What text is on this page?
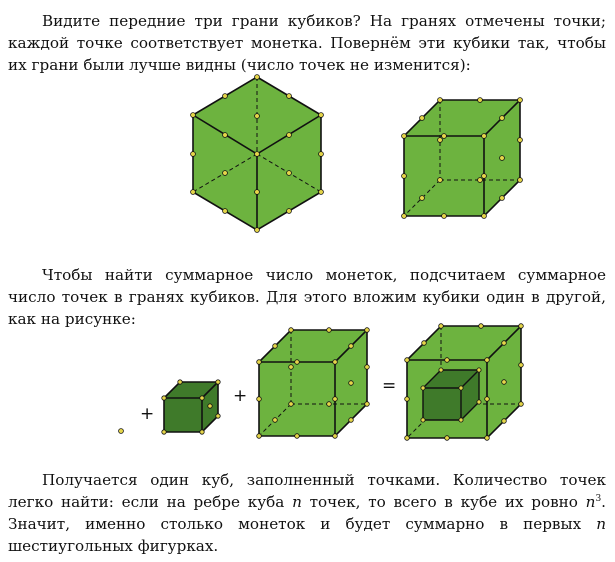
Видите передние три грани кубиков? На гранях отмечены точки; каждой точке соответствует монетка. Повернём эти кубики так, чтобы их грани были лучше видны (число точек не изменится):

Чтобы найти суммарное число монеток, подсчитаем суммарное число точек в гранях кубиков. Для этого вложим кубики один в другой, как на рисунке:

+
+	=

Получается один куб, заполненный точками. Количество точек легко найти: если на ребре куба n точек, то всего в кубе их ровно $n^3$. Значит, именно столько монеток и будет суммарно в первых n шестиугольных фигурках.
